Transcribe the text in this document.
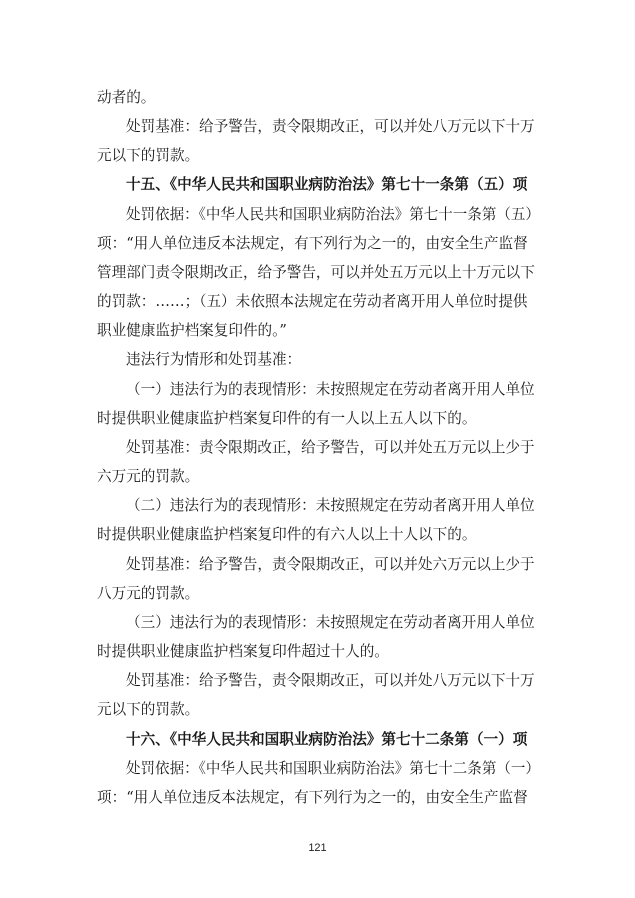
动者的。
处罚基准：给予警告，责令限期改正，可以并处八万元以下十万
元以下的罚款。
十五、《中华人民共和国职业病防治法》第七十一条第（五）项
处罚依据：《中华人民共和国职业病防治法》第七十一条第（五）
项：“用人单位违反本法规定，有下列行为之一的，由安全生产监督
管理部门责令限期改正，给予警告，可以并处五万元以上十万元以下
的罚款：……；（五）未依照本法规定在劳动者离开用人单位时提供
职业健康监护档案复印件的。”
违法行为情形和处罚基准：
（一）违法行为的表现情形：未按照规定在劳动者离开用人单位
时提供职业健康监护档案复印件的有一人以上五人以下的。
处罚基准：责令限期改正，给予警告，可以并处五万元以上少于
六万元的罚款。
（二）违法行为的表现情形：未按照规定在劳动者离开用人单位
时提供职业健康监护档案复印件的有六人以上十人以下的。
处罚基准：给予警告，责令限期改正，可以并处六万元以上少于
八万元的罚款。
（三）违法行为的表现情形：未按照规定在劳动者离开用人单位
时提供职业健康监护档案复印件超过十人的。
处罚基准：给予警告，责令限期改正，可以并处八万元以下十万
元以下的罚款。
十六、《中华人民共和国职业病防治法》第七十二条第（一）项
处罚依据：《中华人民共和国职业病防治法》第七十二条第（一）
项：“用人单位违反本法规定，有下列行为之一的，由安全生产监督
121
